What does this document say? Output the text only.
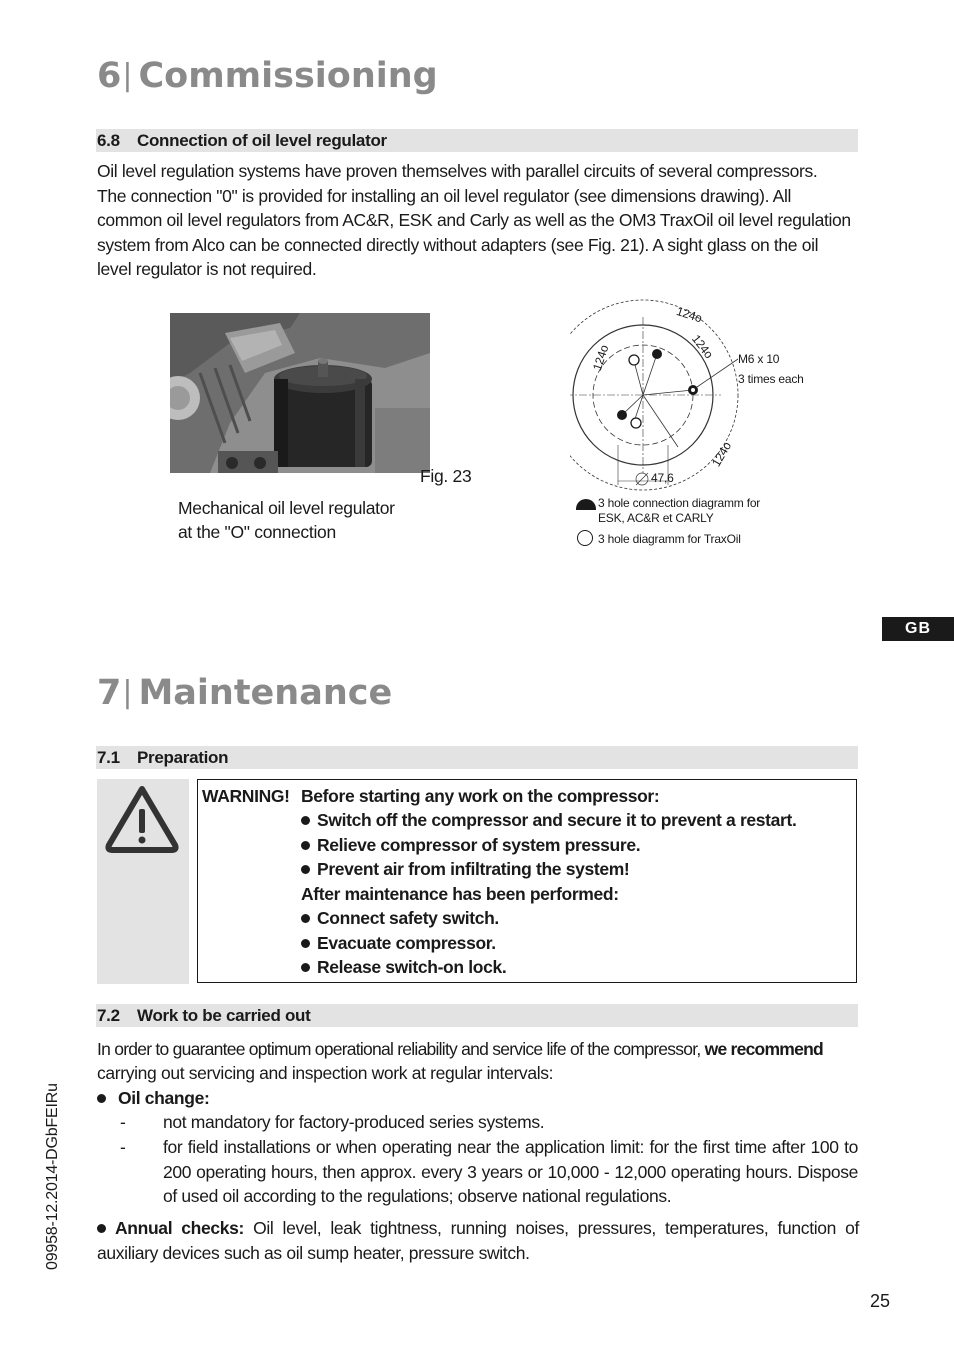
6| Commissioning
6.8 Connection of oil level regulator
Oil level regulation systems have proven themselves with parallel circuits of several compressors.
The connection "0" is provided for installing an oil level regulator (see dimensions drawing). All
common oil level regulators from AC&R, ESK and Carly as well as the OM3 TraxOil oil level regulation
system from Alco can be connected directly without adapters (see Fig. 21). A sight glass on the oil
level regulator is not required.
Fig. 23
Mechanical oil level regulator
at the "O" connection
124o
124o
124o
124o
M6 x 10
3 times each
47,6
3 hole connection diagramm for
ESK, AC&R et CARLY
3 hole diagramm for TraxOil
GB
7| Maintenance
7.1 Preparation
WARNING! Before starting any work on the compressor:
Switch off the compressor and secure it to prevent a restart.
Relieve compressor of system pressure.
Prevent air from infiltrating the system!
After maintenance has been performed:
Connect safety switch.
Evacuate compressor.
Release switch-on lock.
7.2 Work to be carried out
In order to guarantee optimum operational reliability and service life of the compressor, we recommend
carrying out servicing and inspection work at regular intervals:
Oil change:
- not mandatory for factory-produced series systems.
- for field installations or when operating near the application limit: for the first time after 100 to 200 operating hours, then approx. every 3 years or 10,000 - 12,000 operating hours. Dispose of used oil according to the regulations; observe national regulations.
Annual checks: Oil level, leak tightness, running noises, pressures, temperatures, function of auxiliary devices such as oil sump heater, pressure switch.
09958-12.2014-DGbFEIRu
25
